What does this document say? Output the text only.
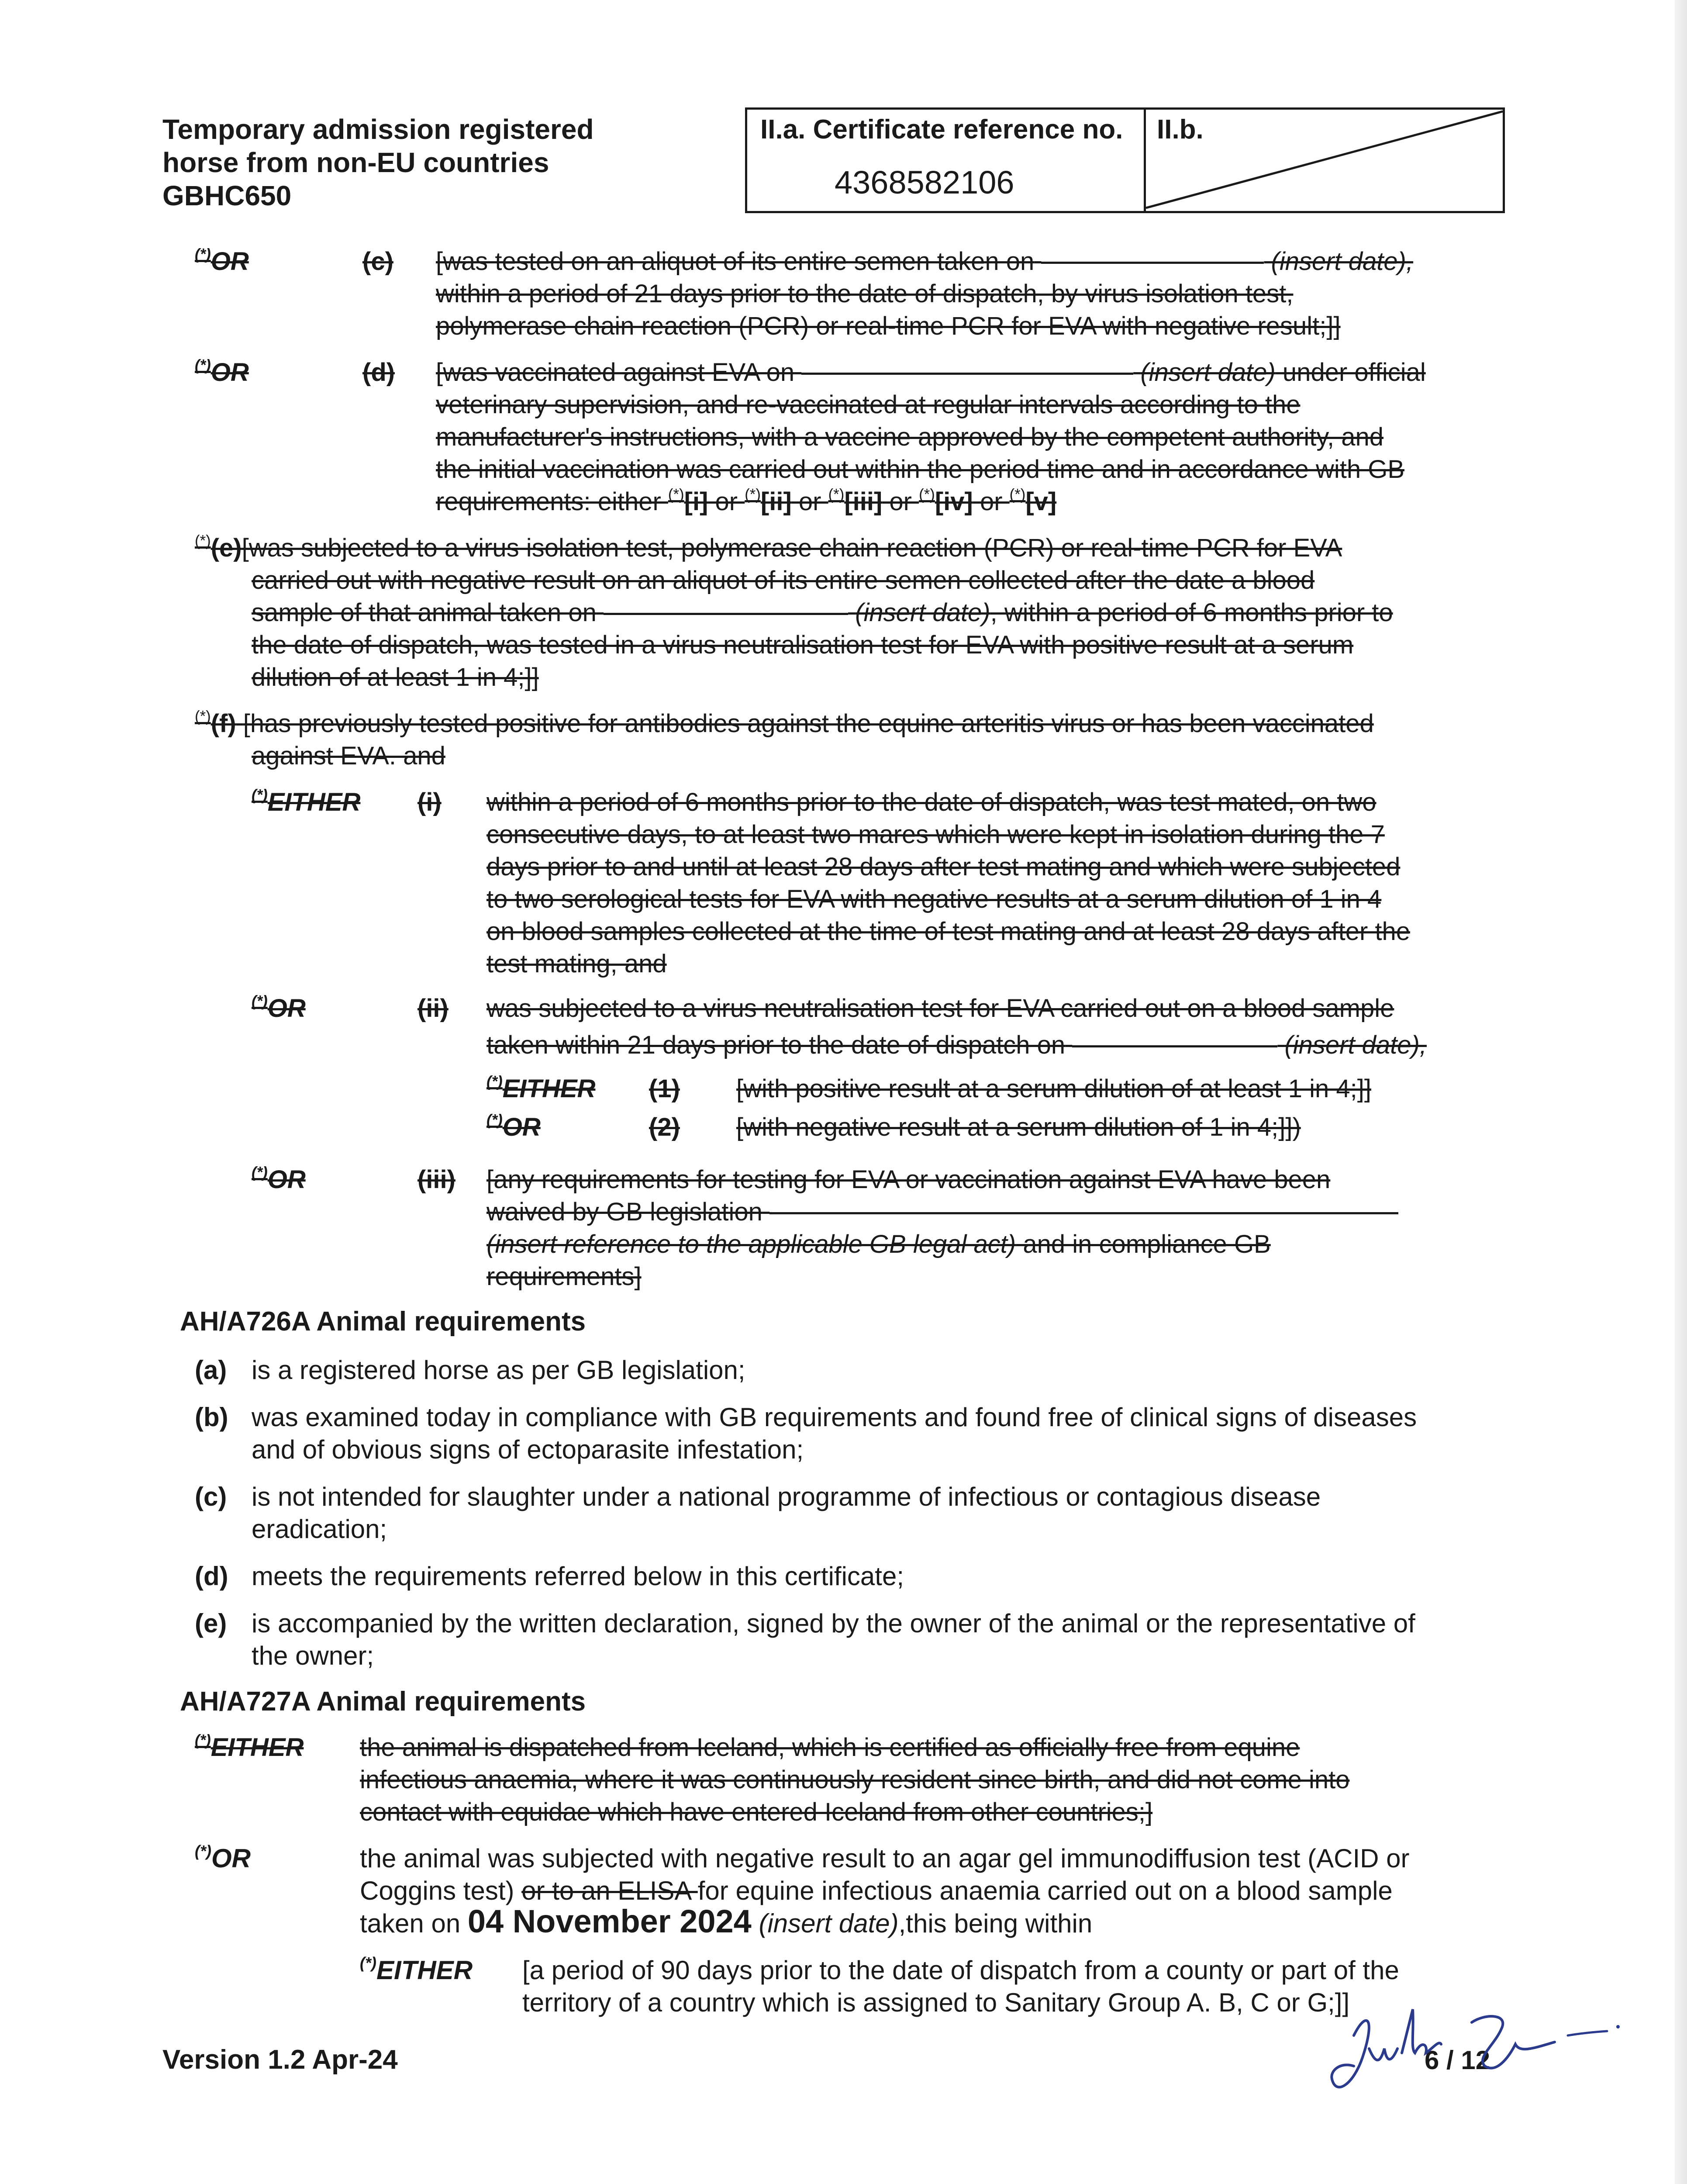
Temporary admission registered
horse from non-EU countries
GBHC650
II.a. Certificate reference no.
4368582106
II.b.
(*)OR	(c) [was tested on an aliquot of its entire semen taken on	(insert date),
within a period of 21 days prior to the date of dispatch, by virus isolation test,
polymerase chain reaction (PCR) or real-time PCR for EVA with negative result;]]
(*)OR	(d) [was vaccinated against EVA on	(insert date) under official
veterinary supervision, and re-vaccinated at regular intervals according to the
manufacturer's instructions, with a vaccine approved by the competent authority, and
the initial vaccination was carried out within the period time and in accordance with GB
requirements: either (*)[i] or (*)[ii] or (*)[iii] or (*)[iv] or (*)[v]
(*)(e)[was subjected to a virus isolation test, polymerase chain reaction (PCR) or real-time PCR for EVA
carried out with negative result on an aliquot of its entire semen collected after the date a blood
sample of that animal taken on	(insert date), within a period of 6 months prior to
the date of dispatch, was tested in a virus neutralisation test for EVA with positive result at a serum
dilution of at least 1 in 4;]]
(*)(f) [has previously tested positive for antibodies against the equine arteritis virus or has been vaccinated
against EVA. and
(*)EITHER (i) within a period of 6 months prior to the date of dispatch, was test mated, on two
consecutive days, to at least two mares which were kept in isolation during the 7
days prior to and until at least 28 days after test mating and which were subjected
to two serological tests for EVA with negative results at a serum dilution of 1 in 4
on blood samples collected at the time of test mating and at least 28 days after the
test mating, and
(*)OR	(ii) was subjected to a virus neutralisation test for EVA carried out on a blood sample
taken within 21 days prior to the date of dispatch on	(insert date),
(*)EITHER (1) [with positive result at a serum dilution of at least 1 in 4;]]
(*)OR	(2) [with negative result at a serum dilution of 1 in 4;]])
(*)OR	(iii) [any requirements for testing for EVA or vaccination against EVA have been
waived by GB legislation
(insert reference to the applicable GB legal act) and in compliance GB
requirements]
AH/A726A Animal requirements
(a) is a registered horse as per GB legislation;
(b) was examined today in compliance with GB requirements and found free of clinical signs of diseases
and of obvious signs of ectoparasite infestation;
(c) is not intended for slaughter under a national programme of infectious or contagious disease
eradication;
(d) meets the requirements referred below in this certificate;
(e) is accompanied by the written declaration, signed by the owner of the animal or the representative of
the owner;
AH/A727A Animal requirements
(*)EITHER the animal is dispatched from Iceland, which is certified as officially free from equine
infectious anaemia, where it was continuously resident since birth, and did not come into
contact with equidae which have entered Iceland from other countries;]
(*)OR	the animal was subjected with negative result to an agar gel immunodiffusion test (ACID or
Coggins test) or to an ELISA for equine infectious anaemia carried out on a blood sample
taken on 04 November 2024 (insert date),this being within
(*)EITHER [a period of 90 days prior to the date of dispatch from a county or part of the
territory of a country which is assigned to Sanitary Group A. B, C or G;]]
Version 1.2 Apr-24	6 / 12
